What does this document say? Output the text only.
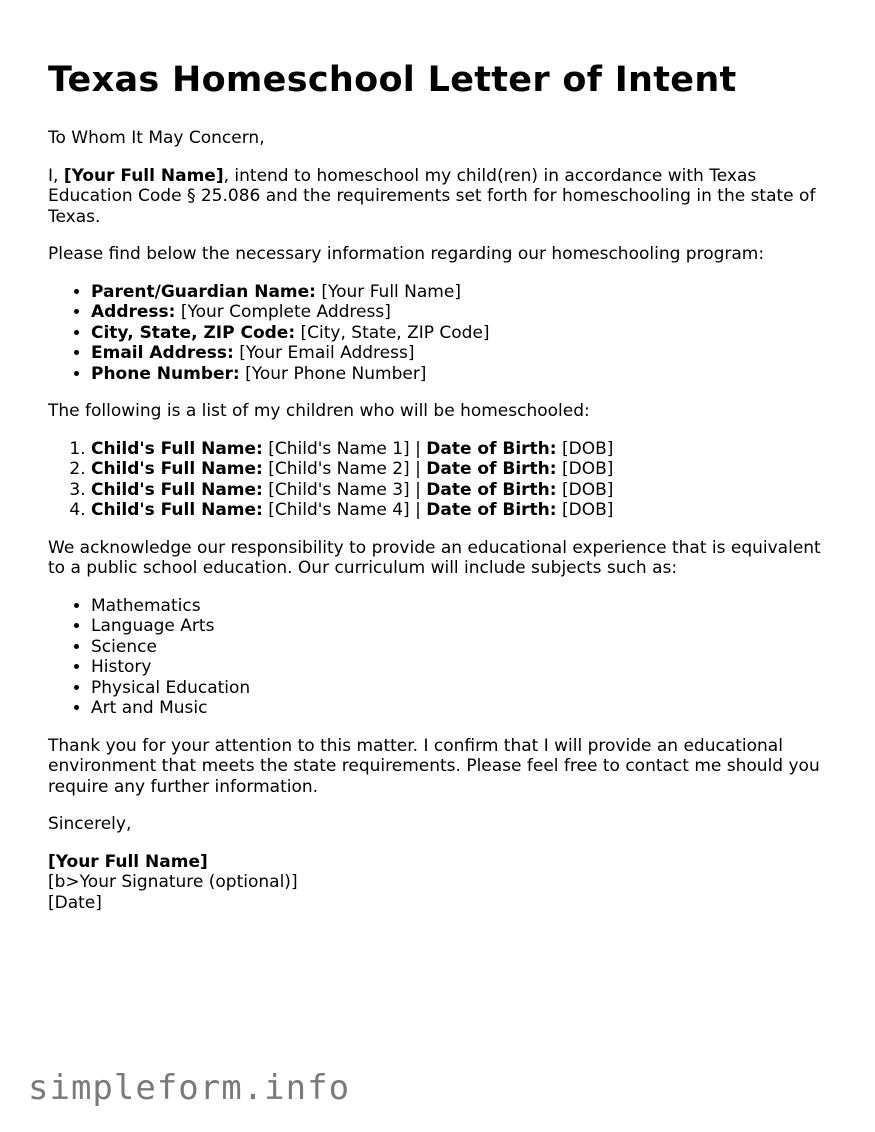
Texas Homeschool Letter of Intent

To Whom It May Concern,

I, [Your Full Name], intend to homeschool my child(ren) in accordance with Texas Education Code § 25.086 and the requirements set forth for homeschooling in the state of Texas.

Please find below the necessary information regarding our homeschooling program:

• Parent/Guardian Name: [Your Full Name]
• Address: [Your Complete Address]
• City, State, ZIP Code: [City, State, ZIP Code]
• Email Address: [Your Email Address]
• Phone Number: [Your Phone Number]

The following is a list of my children who will be homeschooled:

1. Child's Full Name: [Child's Name 1] | Date of Birth: [DOB]
2. Child's Full Name: [Child's Name 2] | Date of Birth: [DOB]
3. Child's Full Name: [Child's Name 3] | Date of Birth: [DOB]
4. Child's Full Name: [Child's Name 4] | Date of Birth: [DOB]

We acknowledge our responsibility to provide an educational experience that is equivalent to a public school education. Our curriculum will include subjects such as:

• Mathematics
• Language Arts
• Science
• History
• Physical Education
• Art and Music

Thank you for your attention to this matter. I confirm that I will provide an educational environment that meets the state requirements. Please feel free to contact me should you require any further information.

Sincerely,

[Your Full Name]
[b>Your Signature (optional)]
[Date]
simpleform.info
